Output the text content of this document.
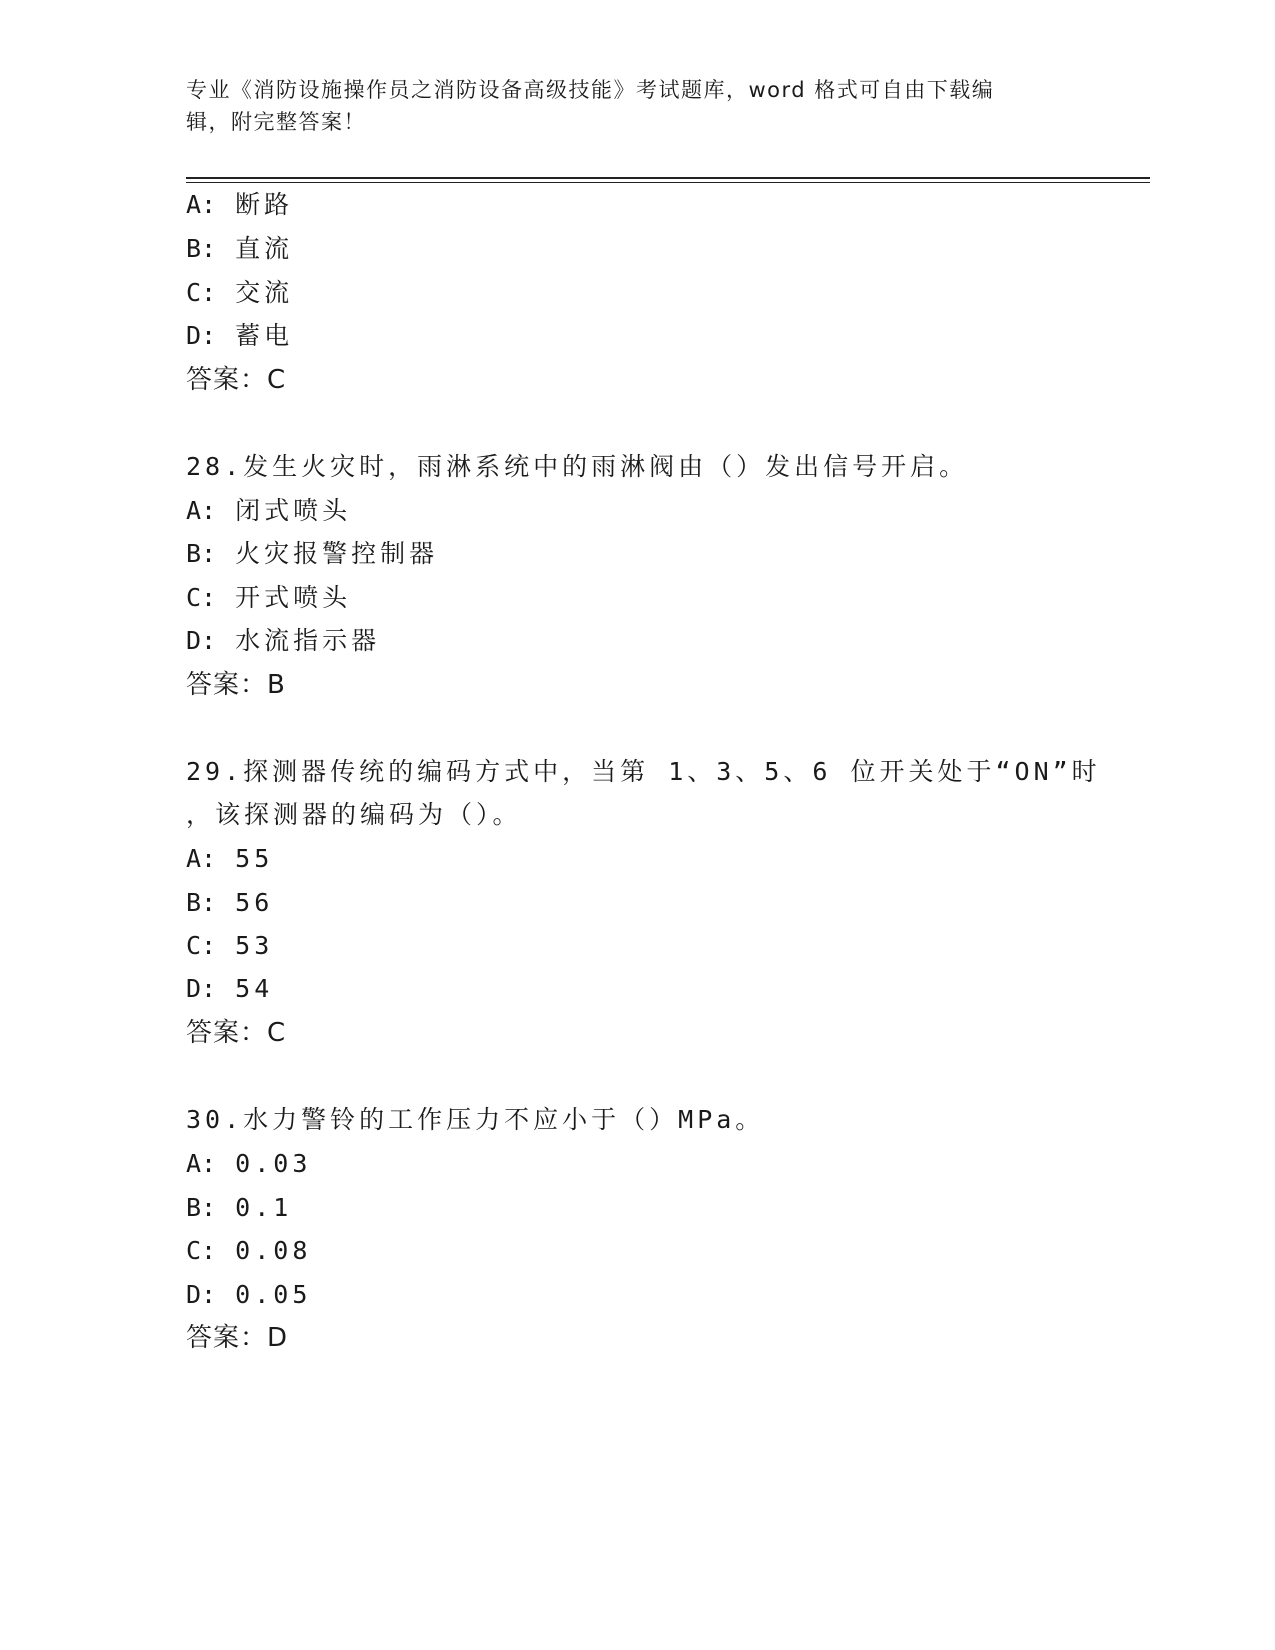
专业《消防设施操作员之消防设备高级技能》考试题库，word 格式可自由下载编
辑，附完整答案！
A: 断路
B: 直流
C: 交流
D: 蓄电
答案：C
28.发生火灾时，雨淋系统中的雨淋阀由（）发出信号开启。
A: 闭式喷头
B: 火灾报警控制器
C: 开式喷头
D: 水流指示器
答案：B
29.探测器传统的编码方式中，当第 1、3、5、6 位开关处于“ON”时
，该探测器的编码为（）。
A: 55
B: 56
C: 53
D: 54
答案：C
30.水力警铃的工作压力不应小于（）MPa。
A: 0.03
B: 0.1
C: 0.08
D: 0.05
答案：D
